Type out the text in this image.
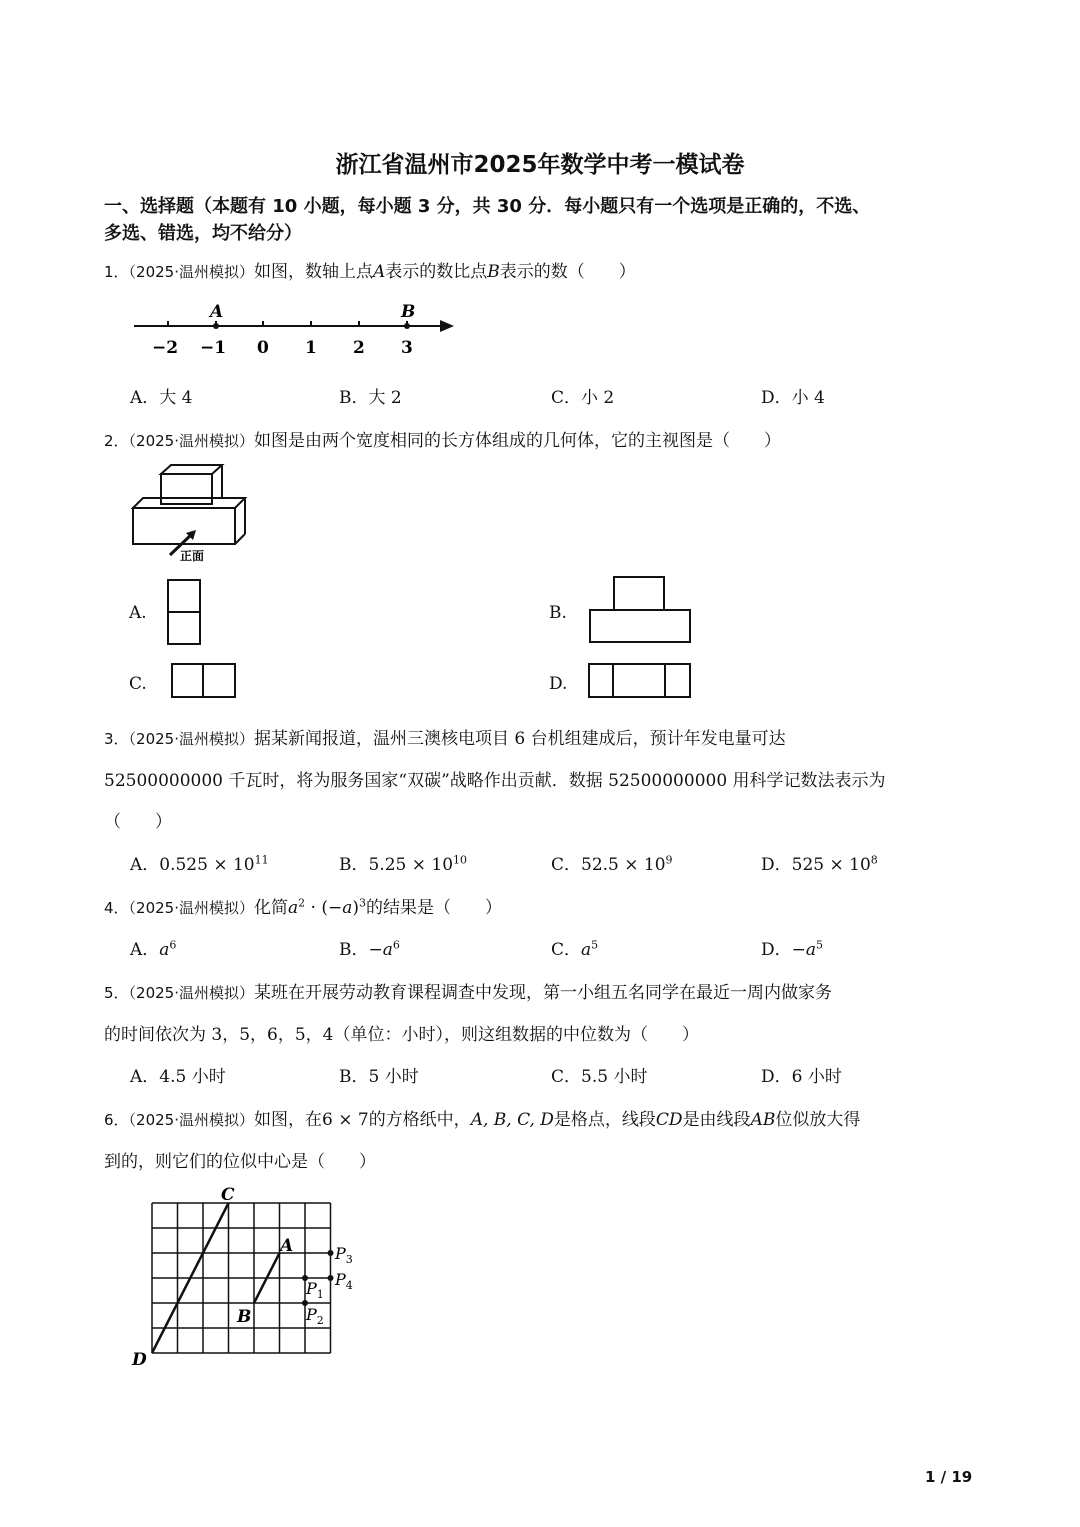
浙江省温州市2025年数学中考一模试卷
一、选择题（本题有 10 小题，每小题 3 分，共 30 分．每小题只有一个选项是正确的，不选、
多选、错选，均不给分）
1．（2025·温州模拟）如图，数轴上点A表示的数比点B表示的数（　　）
A	B
−2 −1 0 1 2 3
A．大 4	B．大 2	C．小 2	D．小 4
2．（2025·温州模拟）如图是由两个宽度相同的长方体组成的几何体，它的主视图是（　　）
正面
A.	B.
C.	D.
3．（2025·温州模拟）据某新闻报道，温州三澳核电项目 6 台机组建成后，预计年发电量可达
52500000000 千瓦时，将为服务国家“双碳”战略作出贡献．数据 52500000000 用科学记数法表示为
（　　）
A．$0.525 \times 10^{11}$	B．$5.25 \times 10^{10}$	C．$52.5 \times 10^9$	D．$525 \times 10^8$
4．（2025·温州模拟）化简$a^2 \cdot (-a)^3$的结果是（　　）
A．$a^6$	B．$-a^6$	C．$a^5$	D．$-a^5$
5．（2025·温州模拟）某班在开展劳动教育课程调查中发现，第一小组五名同学在最近一周内做家务
的时间依次为 3，5，6，5，4（单位：小时），则这组数据的中位数为（　　）
A．4.5 小时	B．5 小时	C．5.5 小时	D．6 小时
6．（2025·温州模拟）如图，在6 × 7的方格纸中，A, B, C, D是格点，线段CD是由线段AB位似放大得
到的，则它们的位似中心是（　　）
C
A
B
D
$P_3$
$P_4$
$P_1$
$P_2$
1 / 19
